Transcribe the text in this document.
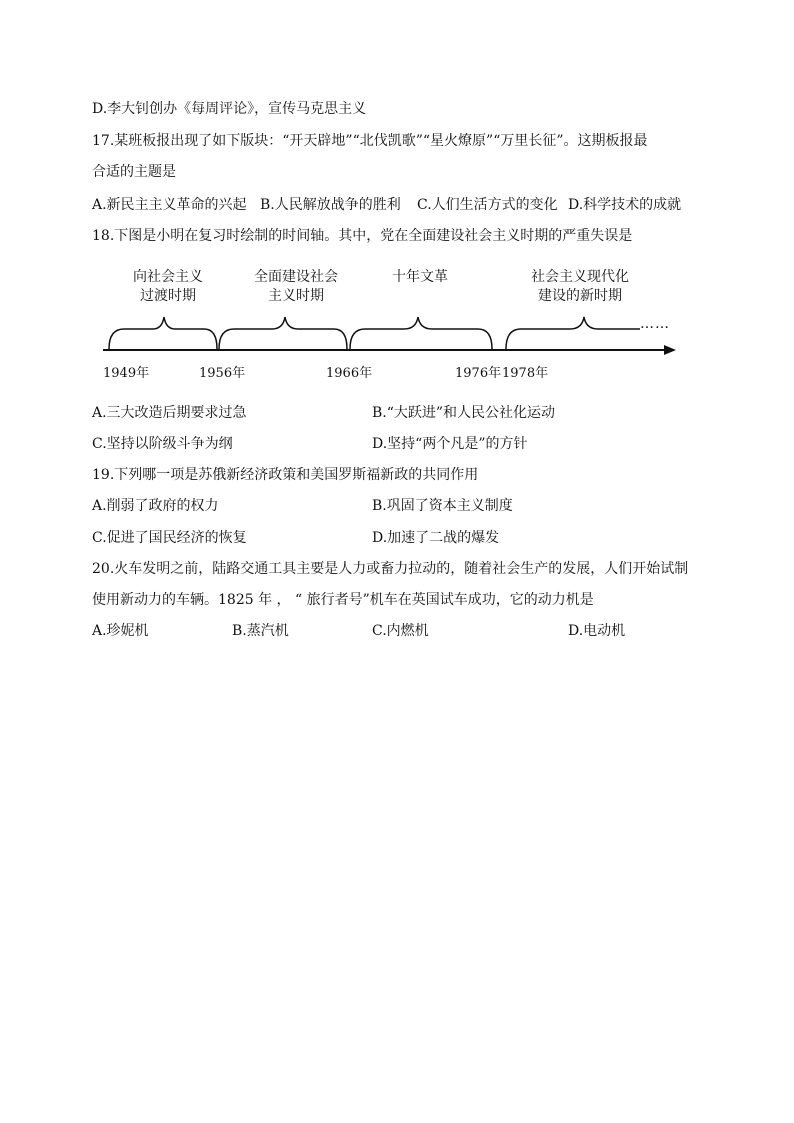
D.李大钊创办《每周评论》，宣传马克思主义
17.某班板报出现了如下版块：“开天辟地”“北伐凯歌”“星火燎原”“万里长征”。这期板报最
合适的主题是
A.新民主主义革命的兴起 B.人民解放战争的胜利 C.人们生活方式的变化 D.科学技术的成就
18.下图是小明在复习时绘制的时间轴。其中，党在全面建设社会主义时期的严重失误是
向社会主义
过渡时期
全面建设社会
主义时期
十年文革	社会主义现代化
建设的新时期
……
1949年	1956年	1966年	1976年 1978年
A.三大改造后期要求过急	B.“大跃进”和人民公社化运动
C.坚持以阶级斗争为纲	D.坚持“两个凡是”的方针
19.下列哪一项是苏俄新经济政策和美国罗斯福新政的共同作用
A.削弱了政府的权力	B.巩固了资本主义制度
C.促进了国民经济的恢复	D.加速了二战的爆发
20.火车发明之前，陆路交通工具主要是人力或畜力拉动的，随着社会生产的发展，人们开始试制
使用新动力的车辆。1825 年 ， “ 旅行者号”机车在英国试车成功，它的动力机是
A.珍妮机	B.蒸汽机	C.内燃机	D.电动机
